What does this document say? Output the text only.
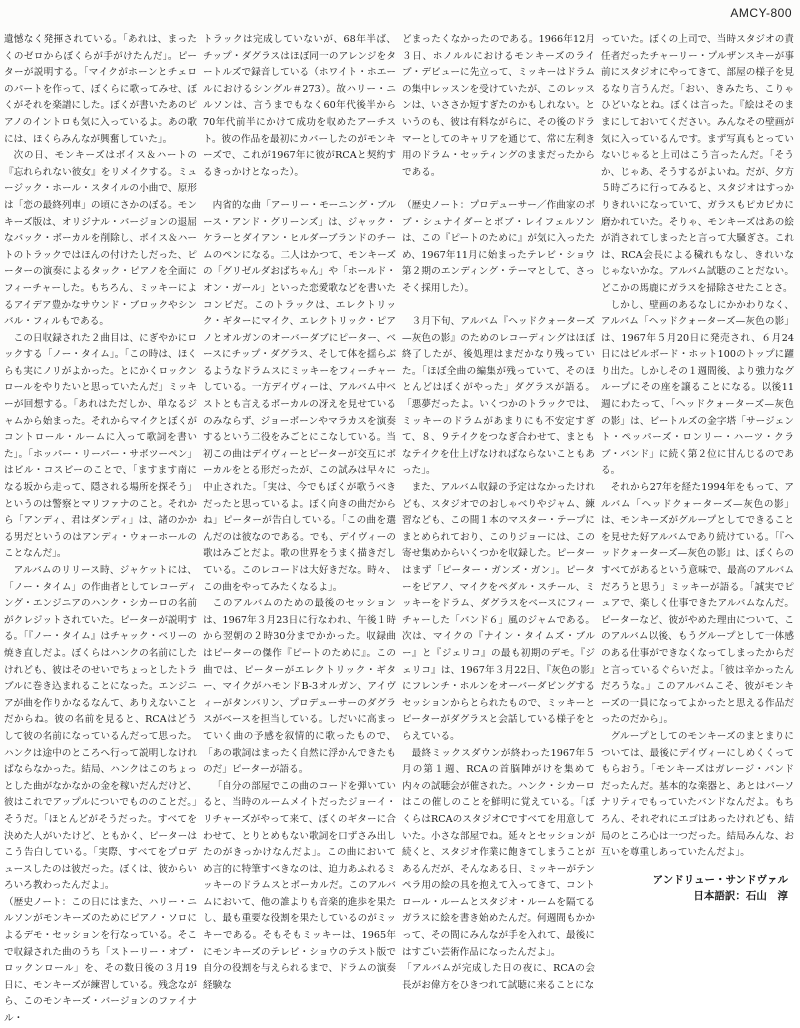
AMCY-800

遺憾なく発揮されている。「あれは、まったくのゼロからぼくらが手がけたんだ」。ピーターが説明する。「マイクがホーンとチェロのパートを作って、ぼくらに歌ってみせ、ぼくがそれを楽譜にした。ぼくが書いたあのピアノのイントロも気に入っているよ。あの歌には、ほくらみんなが興奮していた」。

次の日、モンキーズはボイス＆ハートの『忘れられない彼女』をリメイクする。ミュージック・ホール・スタイルの小曲で、原形は「恋の最終列車」の頃にさかのぼる。モンキーズ版は、オリジナル・バージョンの退屈なバック・ボーカルを削除し、ボイス＆ハートのトラックではほんの付けたしだった、ピーターの演奏によるタック・ピアノを全面にフィーチャーした。もちろん、ミッキーによるアイデア豊かなサウンド・ブロックやシンバル・フィルもである。

この日収録された２曲目は、にぎやかにロックする「ノー・タイム」。「この時は、ほくらも実にノリがよかった。とにかくロックンロールをやりたいと思っていたんだ」ミッキーが回想する。「あれはただしか、単なるジャムから始まった。それからマイクとぼくがコントロール・ルームに入って歌詞を書いた」。「ホッパー・リーパー・サボツーペン」はビル・コスビーのことで、「ますます南になる坂から走って、隠される場所を探そう」というのは警察とマリファナのこと。それから「アンディ、君はダンディ」は、諸のかかる男だというのはアンディ・ウォーホールのことなんだ」。

アルバムのリリース時、ジャケットには、「ノー・タイム」の作曲者としてレコーディング・エンジニアのハンク・シカーロの名前がクレジットされていた。ピーターが説明する。「『ノー・タイム』はチャック・ベリーの焼き直しだよ。ぼくらはハンクの名前にしたけれども、彼はそのせいでちょっとしたトラブルに巻き込まれることになった。エンジニアが曲を作りかなるなんて、ありえないことだからね。彼の名前を見ると、RCAはどうして彼の名前になっているんだって思った。ハンクは途中のところへ行って説明しなければならなかった。結局、ハンクはこのちょっとした曲がなかなかの金を稼いだんだけど、彼はこれでアップルについでもののことだ。」そうだ。「ほとんどがそうだった。すべてを決めた人がいたけど、ともかく、ピーターはこう告白している。「実際、すべてをプロデュースしたのは彼だった。ぼくは、彼からいろいろ教わったんだよ」。

（歴史ノート：この日にはまた、ハリー・ニルソンがモンキーズのためにピアノ・ソロによるデモ・セッションを行なっている。そこで収録された曲のうち「ストーリー・オブ・ロックンロール」を、その数日後の３月19日に、モンキーズが練習している。残念ながら、このモンキーズ・バージョンのファイナル・

トラックは完成していないが、68年半ば、チップ・ダグラスはほぼ同一のアレンジをタートルズで録音している（ホワイト・ホエールにおけるシングル＃273）。故ハリー・ニルソンは、言うまでもなく60年代後半から70年代前半にかけて成功を収めたアーチスト。彼の作品を最初にカバーしたのがモンキーズで、これが1967年に彼がRCAと契約するきっかけとなった）。

内省的な曲「アーリー・モーニング・ブルース・アンド・グリーンズ」は、ジャック・ケラーとダイアン・ヒルダーブランドのチームのペンになる。二人はかつて、モンキーズの「グリゼルダおばちゃん」や「ホールド・オン・ガール」といった恋愛歌などを書いたコンビだ。このトラックは、エレクトリック・ギターにマイク、エレクトリック・ピアノとオルガンのオーバーダブにピーター、ベースにチップ・ダグラス、そして体を揺らぶるようなドラムスにミッキーをフィーチャーしている。一方デイヴィーは、アルバム中ベストとも言えるボーカルの冴えを見せているのみならず、ジョーボーンやマラカスを演奏するという二役をみごとにこなしている。当初この曲はデイヴィーとピーターが交互にボーカルをとる形だったが、この試みは早々に中止された。「実は、今でもぼくが歌うべきだったと思っているよ。ぼく向きの曲だからね」ピーターが告白している。「この曲を選んだのは彼なのである。でも、デイヴィーの歌はみごとだよ。歌の世界をうまく描きだしている。このレコードは大好きだな。時々、この曲をやってみたくなるよ」。

このアルバムのための最後のセッションは、1967年３月23日に行なわれ、午後１時から翌朝の２時30分までかかった。収録曲はピーターの傑作『ピートのために』。この曲では、ピーターがエレクトリック・ギター、マイクがハモンドB-3オルガン、アイヴィーがタンバリン、プロデューサーのダグラスがベースを担当している。しだいに高まっていく曲の予感を叙情的に歌ったもので、「あの歌詞はまったく自然に浮かんできたものだ」ピーターが語る。

「自分の部屋でこの曲のコードを弾いていると、当時のルームメイトだったジョーイ・リチャーズがやって来て、ぼくのギターに合わせて、とりとめもない歌詞を口ずさみ出したのがきっかけなんだよ」。この曲においてめ言的に特筆すべきなのは、迫力あふれるミッキーのドラムスとボーカルだ。このアルバムにおいて、他の誰よりも音楽的進歩を果たし、最も重要な役割を果たしているのがミッキーである。そもそもミッキーは、1965年にモンキーズのテレビ・ショウのテスト版で自分の役割を与えられるまで、ドラムの演奏経験な

どまったくなかったのである。1966年12月３日、ホノルルにおけるモンキーズのライブ・デビューに先立って、ミッキーはドラムの集中レッスンを受けていたが、このレッスンは、いささか短すぎたのかもしれない。というのも、彼は有料ながらに、その後のドラマーとしてのキャリアを通じて、常に左利き用のドラム・セッティングのままだったからである。

（歴史ノート：プロデューサー／作曲家のボブ・シュナイダーとボブ・レイフェルソンは、この『ピートのために』が気に入ったため、1967年11月に始まったテレビ・ショウ第２期のエンディング・テーマとして、さっそく採用した）。

３月下旬、アルバム『ヘッドクォーターズ—灰色の影』のためのレコーディングはほぼ終了したが、後処理はまだかなり残っていた。「ほぼ全曲の編集が残っていて、そのほとんどはぼくがやった」ダグラスが語る。「悪夢だったよ。いくつかのトラックでは、ミッキーのドラムがあまりにも不安定すぎて、８、９テイクをつなぎ合わせて、まともなテイクを仕上げなければならないこともあった」。

また、アルバム収録の予定はなかったけれども、スタジオでのおしゃべりやジャム、練習なども、この間１本のマスター・テープにまとめられており、このりジョーには、この寄せ集めからいくつかを収録した。ピーターはまず「ピーター・ガンズ・ガン」。ピーターをピアノ、マイクをペダル・スチール、ミッキーをドラム、ダグラスをベースにフィーチャーした「バンド６」風のジャムである。次は、マイクの『ナイン・タイムズ・ブルー』と『ジェリコ』の最も初期のデモ。『ジェリコ』は、1967年３月22日、『灰色の影』にフレンチ・ホルンをオーバーダビングするセッションからとられたもので、ミッキーとピーターがダグラスと会話している様子をとらえている。

最終ミックスダウンが終わった1967年５月の第１週、RCAの首脳陣がけを集めて内々の試聴会が催された。ハンク・シカーロはこの催しのことを鮮明に覚えている。「ぼくらはRCAのスタジオCですべてを用意していた。小さな部屋でね。延々とセッションが続くと、スタジオ作業に飽きてしまうことがあるんだが、そんなある日、ミッキーがテンペラ用の絵の具を抱えて入ってきて、コントロール・ルームとスタジオ・ルームを隔てるガラスに絵を書き始めたんだ。何週間もかかって、その間にみんなが手を入れて、最後にはすごい芸術作品になったんだよ」。

「アルバムが完成した日の夜に、RCAの会長がお偉方をひきつれて試聴に来ることにな

っていた。ぼくの上司で、当時スタジオの責任者だったチャーリー・プルザンスキーが事前にスタジオにやってきて、部屋の様子を見るなり言うんだ。「おい、きみたち、こりゃひどいなとね。ぼくは言った。『絵はそのままにしておいてください。みんなその壁画が気に入っているんです。まず写真もとっていないじゃると上司はこう言ったんだ。「そうか、じゃあ、そうするがよいね。だが、夕方５時ごろに行ってみると、スタジオはすっかりきれいになっていて、ガラスもピカピカに磨かれていた。そりゃ、モンキーズはあの絵が消されてしまったと言って大騒ぎさ。これは、RCA会長による穢れもなし、きれいなじゃないかな。アルバム試聴のことだない。どこかの馬鹿にガラスを掃除させたことさ。

しかし、壁画のあるなしにかかわりなく、アルバム「ヘッドクォーターズ—灰色の影」は、1967年５月20日に発売され、６月24日にはビルボード・ホット100のトップに躍り出た。しかしその１週間後、より強力なグループにその座を譲ることになる。以後11週にわたって、「ヘッドクォーターズ—灰色の影」は、ビートルズの金字塔「サージェント・ペッパーズ・ロンリー・ハーツ・クラブ・バンド」に続く第２位に甘んじるのである。

それから27年を経た1994年をもって、アルバム「ヘッドクォーターズ—灰色の影」は、モンキーズがグループとしてできることを見せた好アルバムであり続けている。「『ヘッドクォーターズ—灰色の影』は、ぼくらのすべてがあるという意味で、最高のアルバムだろうと思う」ミッキーが語る。「誠実でピュアで、楽しく仕事できたアルバムなんだ。ピーターなど、彼がやめた理由について、このアルバム以後、もうグループとして一体感のある仕事ができなくなってしまったからだと言っているぐらいだよ。「彼は辛かったんだろうな。」このアルバムこそ、彼がモンキーズの一員になってよかったと思える作品だったのだから」。

グループとしてのモンキーズのまとまりについては、最後にデイヴィーにしめくくってもらおう。「モンキーズはガレージ・バンドだったんだ。基本的な楽器と、あとはパーソナリティでもっていたバンドなんだよ。もちろん、それぞれにエゴはあったけれども、結局のところ心は一つだった。結局みんな、お互いを尊重しあっていたんだよ」。

アンドリュー・サンドヴァル
日本語訳：石山　淳
